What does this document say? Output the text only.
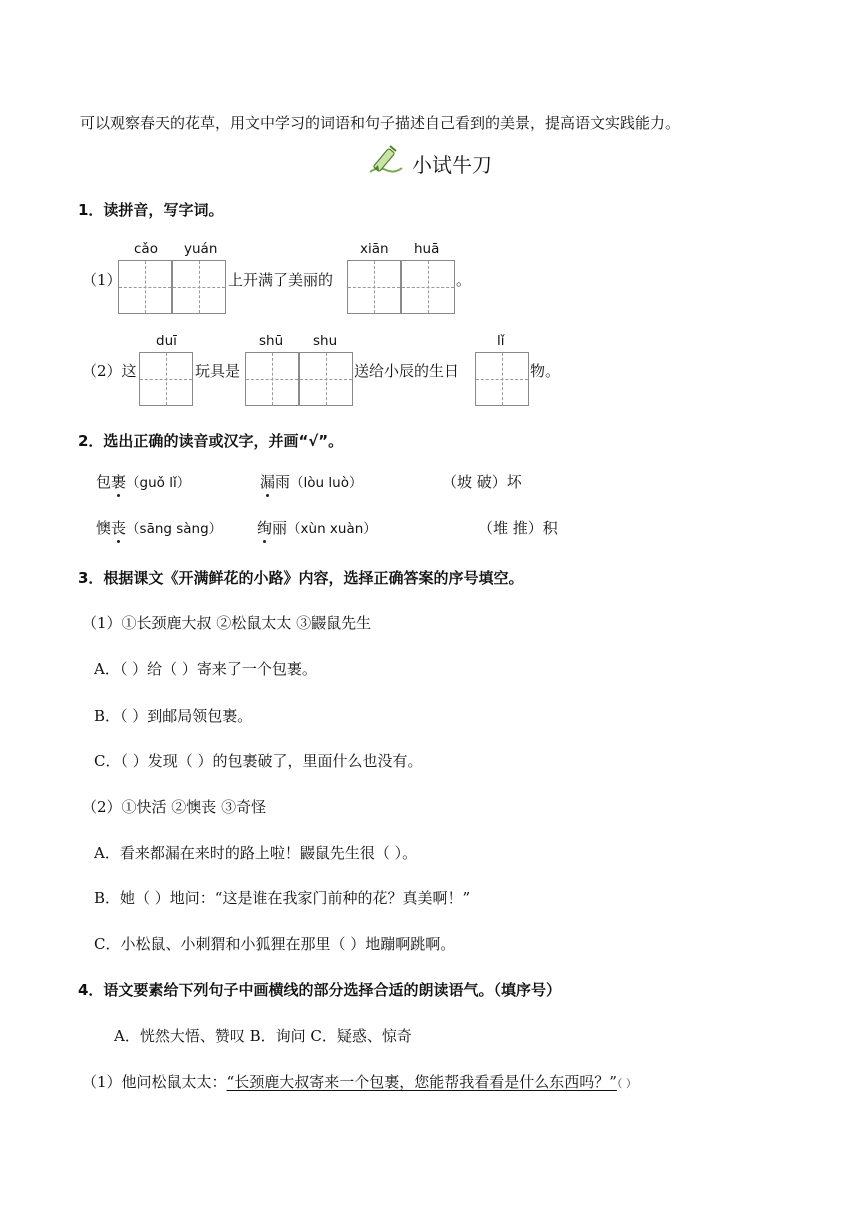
可以观察春天的花草，用文中学习的词语和句子描述自己看到的美景，提高语文实践能力。
小试牛刀
1．读拼音，写字词。
cǎo yuán
（1）	上开满了美丽的
xiān huā
。
（2）这
duī
玩具是
shū shu
送给小辰的生日
lǐ
物。
2．选出正确的读音或汉字，并画“√”。
包裹（guǒ lǐ）	漏雨（lòu luò）	（坡 破）坏
懊丧（sāng sàng） 绚丽（xùn xuàn）	（堆 推）积
3．根据课文《开满鲜花的小路》内容，选择正确答案的序号填空。
（1）①长颈鹿大叔 ②松鼠太太 ③鼹鼠先生
A．（ ）给（ ）寄来了一个包裹。
B．（ ）到邮局领包裹。
C．（ ）发现（ ）的包裹破了，里面什么也没有。
（2）①快活 ②懊丧 ③奇怪
A．看来都漏在来时的路上啦！鼹鼠先生很（ ）。
B．她（ ）地问：“这是谁在我家门前种的花？真美啊！”
C．小松鼠、小刺猬和小狐狸在那里（ ）地蹦啊跳啊。
4．语文要素给下列句子中画横线的部分选择合适的朗读语气。（填序号）
A．恍然大悟、赞叹 B．询问 C．疑惑、惊奇
（1）他问松鼠太太：“长颈鹿大叔寄来一个包裹，您能帮我看看是什么东西吗？”（ ）
